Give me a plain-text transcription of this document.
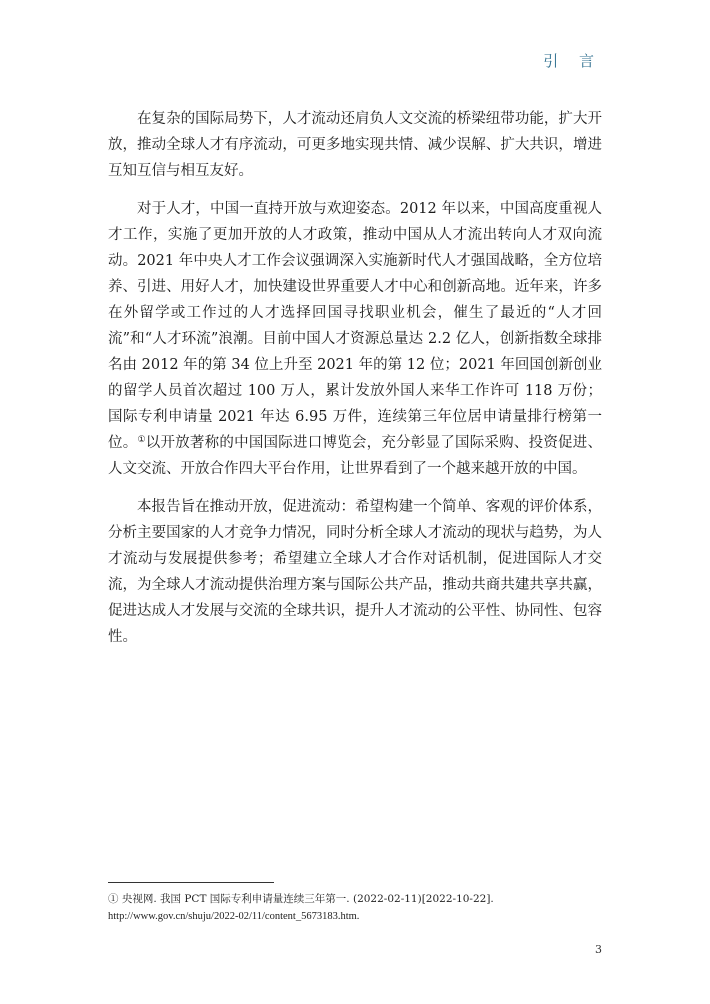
引 言

在复杂的国际局势下，人才流动还肩负人文交流的桥梁纽带功能，扩大开放，推动全球人才有序流动，可更多地实现共情、减少误解、扩大共识，增进互知互信与相互友好。

对于人才，中国一直持开放与欢迎姿态。2012 年以来，中国高度重视人才工作，实施了更加开放的人才政策，推动中国从人才流出转向人才双向流动。2021 年中央人才工作会议强调深入实施新时代人才强国战略，全方位培养、引进、用好人才，加快建设世界重要人才中心和创新高地。近年来，许多在外留学或工作过的人才选择回国寻找职业机会，催生了最近的“人才回流”和“人才环流”浪潮。目前中国人才资源总量达 2.2 亿人，创新指数全球排名由 2012 年的第 34 位上升至 2021 年的第 12 位；2021 年回国创新创业的留学人员首次超过 100 万人，累计发放外国人来华工作许可 118 万份；国际专利申请量 2021 年达 6.95 万件，连续第三年位居申请量排行榜第一位。①以开放著称的中国国际进口博览会，充分彰显了国际采购、投资促进、人文交流、开放合作四大平台作用，让世界看到了一个越来越开放的中国。

本报告旨在推动开放，促进流动：希望构建一个简单、客观的评价体系，分析主要国家的人才竞争力情况，同时分析全球人才流动的现状与趋势，为人才流动与发展提供参考；希望建立全球人才合作对话机制，促进国际人才交流，为全球人才流动提供治理方案与国际公共产品，推动共商共建共享共赢，促进达成人才发展与交流的全球共识，提升人才流动的公平性、协同性、包容性。

① 央视网. 我国 PCT 国际专利申请量连续三年第一. (2022-02-11)[2022-10-22].
http://www.gov.cn/shuju/2022-02/11/content_5673183.htm.
3
